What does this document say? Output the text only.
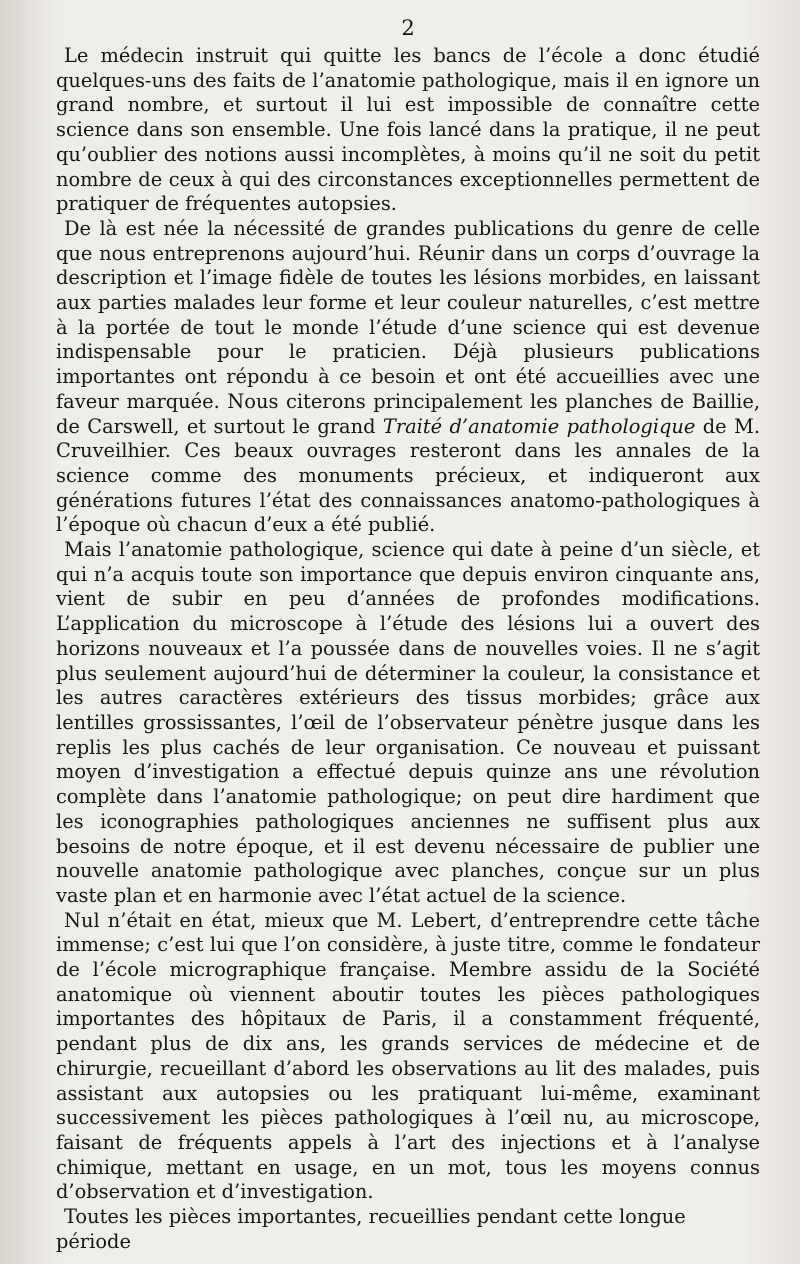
2

Le médecin instruit qui quitte les bancs de l’école a donc étudié quelques-uns des faits de l’anatomie pathologique, mais il en ignore un grand nombre, et surtout il lui est impossible de connaître cette science dans son ensemble. Une fois lancé dans la pratique, il ne peut qu’oublier des notions aussi incomplètes, à moins qu’il ne soit du petit nombre de ceux à qui des circonstances exceptionnelles permettent de pratiquer de fréquentes autopsies.

De là est née la nécessité de grandes publications du genre de celle que nous entreprenons aujourd’hui. Réunir dans un corps d’ouvrage la description et l’image fidèle de toutes les lésions morbides, en laissant aux parties malades leur forme et leur couleur naturelles, c’est mettre à la portée de tout le monde l’étude d’une science qui est devenue indispensable pour le praticien. Déjà plusieurs publications importantes ont répondu à ce besoin et ont été accueillies avec une faveur marquée. Nous citerons principalement les planches de Baillie, de Carswell, et surtout le grand Traité d’anatomie pathologique de M. Cruveilhier. Ces beaux ouvrages resteront dans les annales de la science comme des monuments précieux, et indiqueront aux générations futures l’état des connaissances anatomo-pathologiques à l’époque où chacun d’eux a été publié.

Mais l’anatomie pathologique, science qui date à peine d’un siècle, et qui n’a acquis toute son importance que depuis environ cinquante ans, vient de subir en peu d’années de profondes modifications. L’application du microscope à l’étude des lésions lui a ouvert des horizons nouveaux et l’a poussée dans de nouvelles voies. Il ne s’agit plus seulement aujourd’hui de déterminer la couleur, la consistance et les autres caractères extérieurs des tissus morbides; grâce aux lentilles grossissantes, l’œil de l’observateur pénètre jusque dans les replis les plus cachés de leur organisation. Ce nouveau et puissant moyen d’investigation a effectué depuis quinze ans une révolution complète dans l’anatomie pathologique; on peut dire hardiment que les iconographies pathologiques anciennes ne suffisent plus aux besoins de notre époque, et il est devenu nécessaire de publier une nouvelle anatomie pathologique avec planches, conçue sur un plus vaste plan et en harmonie avec l’état actuel de la science.

Nul n’était en état, mieux que M. Lebert, d’entreprendre cette tâche immense; c’est lui que l’on considère, à juste titre, comme le fondateur de l’école micrographique française. Membre assidu de la Société anatomique où viennent aboutir toutes les pièces pathologiques importantes des hôpitaux de Paris, il a constamment fréquenté, pendant plus de dix ans, les grands services de médecine et de chirurgie, recueillant d’abord les observations au lit des malades, puis assistant aux autopsies ou les pratiquant lui-même, examinant successivement les pièces pathologiques à l’œil nu, au microscope, faisant de fréquents appels à l’art des injections et à l’analyse chimique, mettant en usage, en un mot, tous les moyens connus d’observation et d’investigation.

Toutes les pièces importantes, recueillies pendant cette longue période
